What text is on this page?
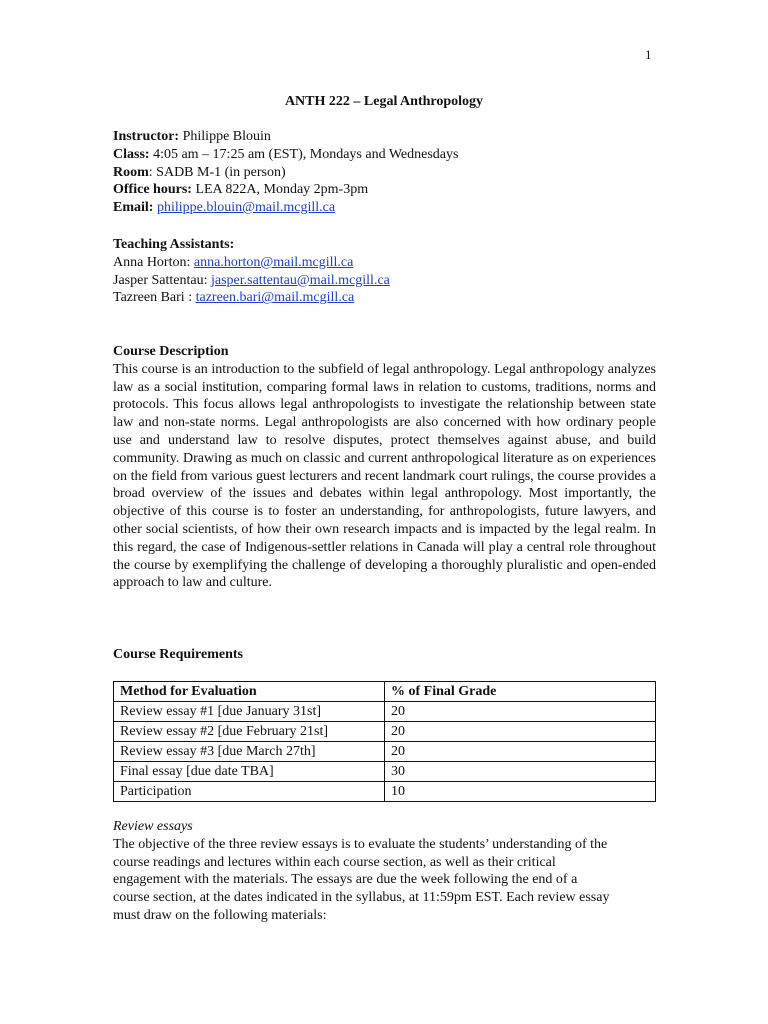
1
ANTH 222 – Legal Anthropology
Instructor: Philippe Blouin
Class: 4:05 am – 17:25 am (EST), Mondays and Wednesdays
Room: SADB M-1 (in person)
Office hours: LEA 822A, Monday 2pm-3pm
Email: philippe.blouin@mail.mcgill.ca
Teaching Assistants:
Anna Horton: anna.horton@mail.mcgill.ca
Jasper Sattentau: jasper.sattentau@mail.mcgill.ca
Tazreen Bari : tazreen.bari@mail.mcgill.ca
Course Description

This course is an introduction to the subfield of legal anthropology. Legal anthropology analyzes law as a social institution, comparing formal laws in relation to customs, traditions, norms and protocols. This focus allows legal anthropologists to investigate the relationship between state law and non-state norms. Legal anthropologists are also concerned with how ordinary people use and understand law to resolve disputes, protect themselves against abuse, and build community. Drawing as much on classic and current anthropological literature as on experiences on the field from various guest lecturers and recent landmark court rulings, the course provides a broad overview of the issues and debates within legal anthropology. Most importantly, the objective of this course is to foster an understanding, for anthropologists, future lawyers, and other social scientists, of how their own research impacts and is impacted by the legal realm. In this regard, the case of Indigenous-settler relations in Canada will play a central role throughout the course by exemplifying the challenge of developing a thoroughly pluralistic and open-ended approach to law and culture.

Course Requirements
Method for Evaluation	% of Final Grade
Review essay #1 [due January 31st]	20
Review essay #2 [due February 21st]	20
Review essay #3 [due March 27th]	20
Final essay [due date TBA]	30
Participation	10
Review essays
The objective of the three review essays is to evaluate the students’ understanding of the
course readings and lectures within each course section, as well as their critical
engagement with the materials. The essays are due the week following the end of a
course section, at the dates indicated in the syllabus, at 11:59pm EST. Each review essay
must draw on the following materials:
